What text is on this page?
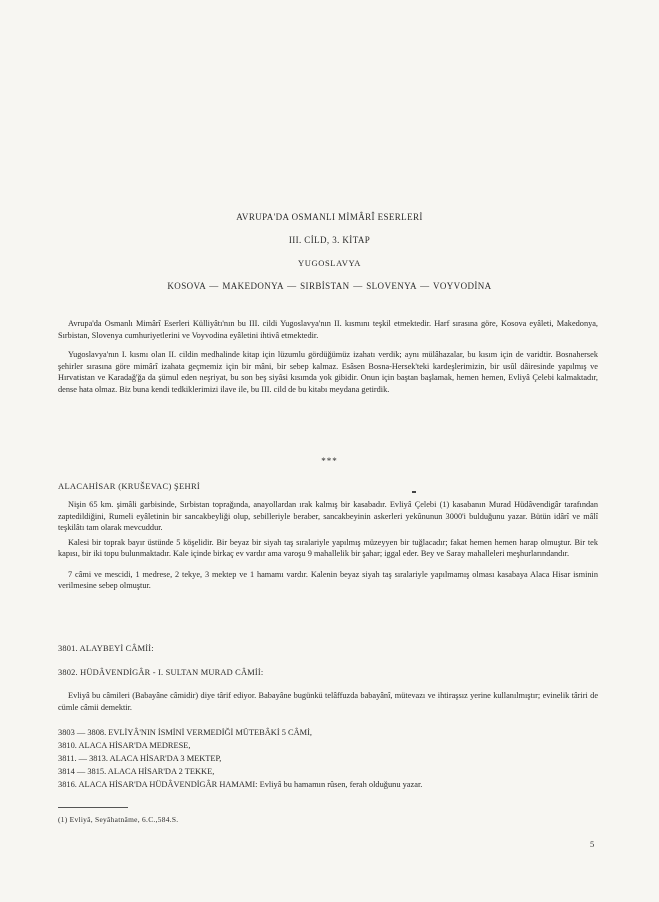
AVRUPA'DA OSMANLI MİMÂRÎ ESERLERİ
III. CİLD, 3. KİTAP
YUGOSLAVYA
KOSOVA — MAKEDONYA — SIRBİSTAN — SLOVENYA — VOYVODİNA

Avrupa'da Osmanlı Mimârî Eserleri Külliyâtı'nın bu III. cildi Yugoslavya'nın II. kısmını teşkil etmektedir. Harf sırasına göre, Kosova eyâleti, Makedonya, Sırbistan, Slovenya cumhuriyetlerini ve Voyvodina eyâletini ihtivâ etmektedir.

Yugoslavya'nın I. kısmı olan II. cildin medhalinde kitap için lüzumlu gördüğümüz izahatı verdik; aynı mülâhazalar, bu kısım için de varidtir. Bosnahersek şehirler sırasına göre mimârî izahata geçmemiz için bir mâni, bir sebep kalmaz. Esâsen Bosna-Hersek'teki kardeşlerimizin, bir usûl dâiresinde yapılmış ve Hırvatistan ve Karadağ'ğa da şümul eden neşriyat, bu son beş siyâsi kısımda yok gibidir. Onun için baştan başlamak, hemen hemen, Evliyâ Çelebi kalmaktadır, dense hata olmaz. Biz buna kendi tedkiklerimizi ilave ile, bu III. cild de bu kitabı meydana getirdik.

***
ALACAHİSAR (KRUŠEVAC) ŞEHRİ

Nişin 65 km. şimâli garbisinde, Sırbistan toprağında, anayollardan ırak kalmış bir kasabadır. Evliyâ Çelebi (1) kasabanın Murad Hüdâvendigâr tarafından zaptedildiğini, Rumeli eyâletinin bir sancakbeyliği olup, sebilleriyle beraber, sancakbeyinin askerleri yekûnunun 3000'i bulduğunu yazar. Bütün idârî ve mâlî teşkilâtı tam olarak mevcuddur.

Kalesi bir toprak bayır üstünde 5 köşelidir. Bir beyaz bir siyah taş sıralariyle yapılmış müzeyyen bir tuğlacadır; fakat hemen hemen harap olmuştur. Bir tek kapısı, bir iki topu bulunmaktadır. Kale içinde birkaç ev vardır ama varoşu 9 mahallelik bir şahar; iggal eder. Bey ve Saray mahalleleri meşhurlarındandır.

7 câmi ve mescidi, 1 medrese, 2 tekye, 3 mektep ve 1 hamamı vardır. Kalenin beyaz siyah taş sıralariyle yapılmamış olması kasabaya Alaca Hisar isminin verilmesine sebep olmuştur.

3801. ALAYBEYİ CÂMİİ:
3802. HÜDÂVENDİGÂR - I. SULTAN MURAD CÂMİİ:

Evliyâ bu câmileri (Babayâne câmidir) diye târif ediyor. Babayâne bugünkü telâffuzda babayânî, mütevazı ve ihtiraşsız yerine kullanılmıştır; evinelik târiri de cümle câmii demektir.

3803 — 3808. EVLİYÂ'NIN İSMİNİ VERMEDİĞİ MÜTEBÂKİ 5 CÂMİ,
3810. ALACA HİSAR'DA MEDRESE,
3811. — 3813. ALACA HİSAR'DA 3 MEKTEP,
3814 — 3815. ALACA HİSAR'DA 2 TEKKE,
3816. ALACA HİSAR'DA HÜDÂVENDİGÂR HAMAMI: Evliyâ bu hamamın rûsen, ferah olduğunu yazar.
(1) Evliyâ, Seyâhatnâme, 6.C.,584.S.
5
